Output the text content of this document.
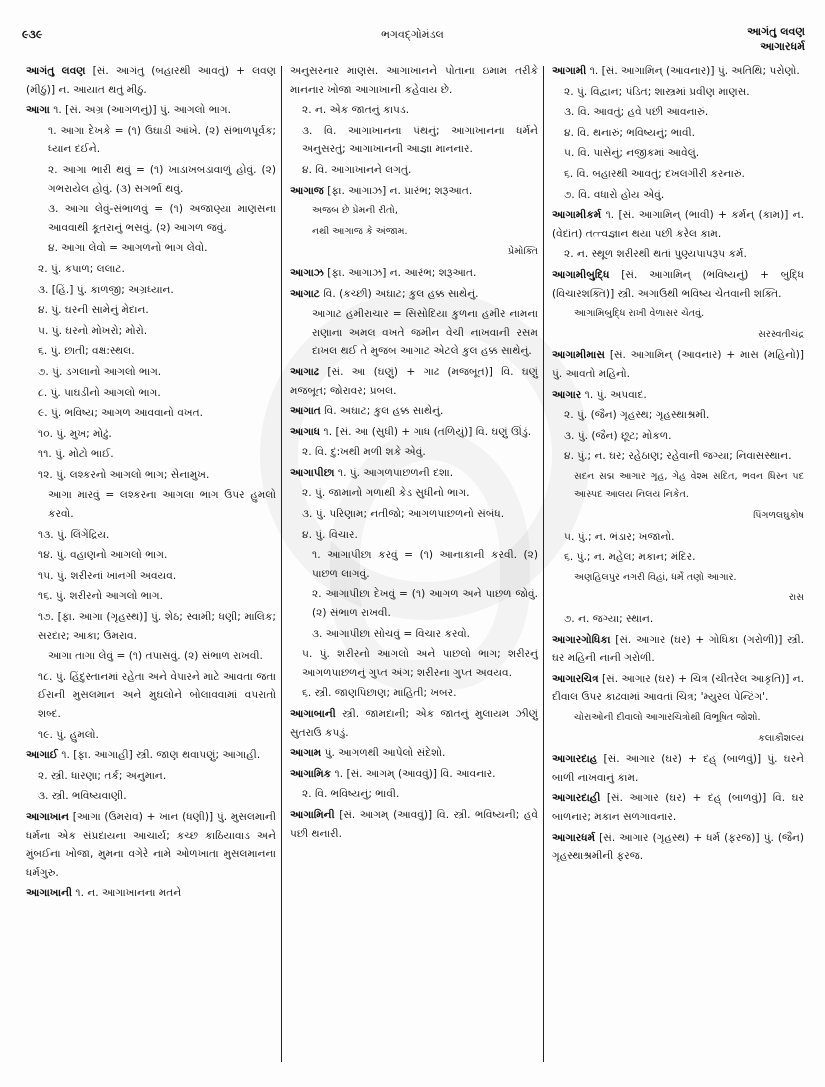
૯૩૯	ભગવદ્ગોમંડલ	આગંતુ લવણ
આગારધર્મ
આગંતુ લવણ [સં. આગંતુ (બહારથી આવતું) + લવણ (મીઠું)] ન. આયાત થતું મીઠું.
આગા ૧. [સં. અગ્ર (આગળનું)] પું. આગલો ભાગ.
૧. આગા દેખકે = (૧) ઉઘાડી આંખે. (૨) સંભાળપૂર્વક; ધ્યાન દઈને.
૨. આગા ભારી થવું = (૧) ખાડાખબડાવાળું હોવું. (૨) ગભરાયેલ હોવું. (૩) સગર્ભા થવું.
૩. આગા લેવું-સંભાળવું = (૧) અજાણ્યા માણસના આવવાથી કૂતરાનું ભસવું. (૨) આગળ જવું.
૪. આગા લેવો = આગળનો ભાગ લેવો.
૨. પું. કપાળ; લલાટ.
૩. [હિં.] પું. કાળજી; અગ્રધ્યાન.
૪. પું. ઘરની સામેનું મેદાન.
૫. પું. ઘરનો મોખરો; મોરો.
૬. પું. છાતી; વક્ષ:સ્થલ.
૭. પું. ડગલાનો આગલો ભાગ.
૮. પું. પાઘડીનો આગલો ભાગ.
૯. પું. ભવિષ્ય; આગળ આવવાનો વખત.
૧૦. પું. મુખ; મોઢું.
૧૧. પું. મોટો ભાઈ.
૧૨. પું. લશ્કરનો આગલો ભાગ; સેનામુખ.
આગા મારવું = લશ્કરના આગલા ભાગ ઉપર હુમલો કરવો.
૧૩. પું. લિંગેંદ્રિય.
૧૪. પું. વહાણનો આગલો ભાગ.
૧૫. પું. શરીરનાં ખાનગી અવયવ.
૧૬. પું. શરીરનો આગલો ભાગ.
૧૭. [ફા. આગા (ગૃહસ્થ)] પું. શેઠ; સ્વામી; ધણી; માલિક; સરદાર; આકા; ઉમરાવ.
આગા તાગા લેવું = (૧) તપાસવું. (૨) સંભાળ રાખવી.
૧૮. પું. હિંદુસ્તાનમાં રહેતા અને વેપારને માટે આવતા જતા ઈરાની મુસલમાન અને મુઘલોને બોલાવવામાં વપરાતો શબ્દ.
૧૯. પું. હુમલો.
આગાઈ ૧. [ફા. આગાહી] સ્ત્રી. જાણ થવાપણું; આગાહી.
૨. સ્ત્રી. ધારણા; તર્ક; અનુમાન.
૩. સ્ત્રી. ભવિષ્યવાણી.
આગાખાન [આગા (ઉમરાવ) + ખાન (ધણી)] પું. મુસલમાની ધર્મના એક સંપ્રદાયના આચાર્ય; કચ્છ કાઠિયાવાડ અને મુંબઈના ખોજા, મુમના વગેરે નામે ઓળખાતા મુસલમાનના ધર્મગુરુ.
આગાખાની ૧. ન. આગાખાનના મતને
અનુસરનાર માણસ. આગાખાનને પોતાના ઇમામ તરીકે માનનાર ખોજા આગાખાની કહેવાય છે.
૨. ન. એક જાતનું કાપડ.
૩. વિ. આગાખાનના પંથનું; આગાખાનના ધર્મને અનુસરતું; આગાખાનની આજ્ઞા માનનાર.
૪. વિ. આગાખાનને લગતું.
આગાજ [ફા. આગાઝ] ન. પ્રારંભ; શરૂઆત.
અજબ છે પ્રેમની રીતો,
નથી આગાજ કે અંજામ.
પ્રેમોક્તિ
આગાઝ [ફા. આગાઝ] ન. આરંભ; શરૂઆત.
આગાટ વિ. (કચ્છી) અઘાટ; કુલ હક્ક સાથેનું.
આગાટ હમીરાચાર = સિસોદિયા કુળના હમીર નામના રાણાના અમલ વખતે જમીન વેચી નાખવાની રસમ દાખલ થઈ તે મુજબ આગાટ એટલે કુલ હક્ક સાથેનું.
આગાઢ [સં. આ (ઘણું) + ગાઢ (મજબૂત)] વિ. ઘણું મજબૂત; જોરાવર; પ્રબલ.
આગાત વિ. અઘાટ; કુલ હક્ક સાથેનું.
આગાધ ૧. [સં. આ (સુધી) + ગાધ (તળિયું)] વિ. ઘણું ઊંડું.
૨. વિ. દુ:ખથી મળી શકે એવું.
આગાપીછા ૧. પું. આગળપાછળની દશા.
૨. પું. જામાનો ગળાથી કેડ સુધીનો ભાગ.
૩. પું. પરિણામ; નતીજો; આગળપાછળનો સંબંધ.
૪. પું. વિચાર.
૧. આગાપીછા કરવું = (૧) આનાકાની કરવી. (૨) પાછળ લાગવું.
૨. આગાપીછા દેખવું = (૧) આગળ અને પાછળ જોવું. (૨) સંભાળ રાખવી.
૩. આગાપીછા સોચવું = વિચાર કરવો.
૫. પું. શરીરનો આગલો અને પાછલો ભાગ; શરીરનું આગળપાછળનું ગુપ્ત અંગ; શરીરના ગુપ્ત અવયવ.
૬. સ્ત્રી. જાણપિછાણ; માહિતી; ખબર.
આગાબાની સ્ત્રી. જામદાની; એક જાતનું મુલાયમ ઝીણું સુતરાઉ કપડું.
આગામ પું. આગળથી આપેલો સંદેશો.
આગામિક ૧. [સં. આગમ્ (આવવું)] વિ. આવનાર.
૨. વિ. ભવિષ્યનું; ભાવી.
આગામિની [સં. આગમ્ (આવવું)] વિ. સ્ત્રી. ભવિષ્યની; હવે પછી થનારી.
આગામી ૧. [સં. આગામિન્ (આવનાર)] પું. અતિથિ; પરોણો.
૨. પું. વિદ્વાન; પંડિત; શાસ્ત્રમાં પ્રવીણ માણસ.
૩. વિ. આવતું; હવે પછી આવનારું.
૪. વિ. થનારું; ભવિષ્યનું; ભાવી.
૫. વિ. પાસેનું; નજીકમાં આવેલું.
૬. વિ. બહારથી આવતું; દખલગીરી કરનારું.
૭. વિ. વધારો હોય એવું.
આગામીકર્મ ૧. [સં. આગામિન્ (ભાવી) + કર્મન્ (કામ)] ન. (વેદાંત) તત્ત્વજ્ઞાન થયા પછી કરેલ કામ.
૨. ન. સ્થૂળ શરીરથી થતાં પુણ્યપાપરૂપ કર્મ.
આગામીબુદ્ધિ [સં. આગામિન્ (ભવિષ્યનું) + બુદ્ધિ (વિચારશક્તિ)] સ્ત્રી. અગાઉથી ભવિષ્ય ચેતવાની શક્તિ.
આગામિબુદ્ધિ રાખી વેળાસર ચેતવું.
સરસ્વતીચંદ્ર
આગામીમાસ [સં. આગામિન્ (આવનાર) + માસ (મહિનો)] પું. આવતો મહિનો.
આગાર ૧. પું. અપવાદ.
૨. પું. (જૈન) ગૃહસ્થ; ગૃહસ્થાશ્રમી.
૩. પું. (જૈન) છૂટ; મોકળ.
૪. પું.; ન. ઘર; રહેઠાણ; રહેવાની જગ્યા; નિવાસસ્થાન.
સદન સદ્મ આગાર ગૃહ, ગેહ વેશ્મ સદિત, ભવન ધિસ્ન પદ આસ્પદ આલય નિલય નિકેત.
પિંગળલઘુકોષ
૫. પું.; ન. ભંડાર; ખજાનો.
૬. પું.; ન. મહેલ; મકાન; મંદિર.
અણહિલપુર નગરી વિહાં, ધર્મે તણો આગાર.
રાસ
૭. ન. જગ્યા; સ્થાન.
આગારગોધિકા [સં. આગાર (ઘર) + ગોધિકા (ગરોળી)] સ્ત્રી. ઘર મહિની નાની ગરોળી.
આગારચિત્ર [સં. આગાર (ઘર) + ચિત્ર (ચીતરેલ આકૃતિ)] ન. દીવાલ ઉપર કાઢવામાં આવતાં ચિત્ર; 'મ્યુરલ પેન્ટિંગ'.
ચોરાઓની દીવાલો આગારચિત્રોથી વિભૂષિત જોશો.
કલાકૌશલ્ય
આગારદાહ [સં. આગાર (ઘર) + દહ્ (બાળવું)] પું. ઘરને બાળી નાખવાનું કામ.
આગારદાહી [સં. આગાર (ઘર) + દહ્ (બાળવું)] વિ. ઘર બાળનાર; મકાન સળગાવનાર.
આગારધર્મ [સં. આગાર (ગૃહસ્થ) + ધર્મ (ફરજ)] પું. (જૈન) ગૃહસ્થાશ્રમીની ફરજ.
